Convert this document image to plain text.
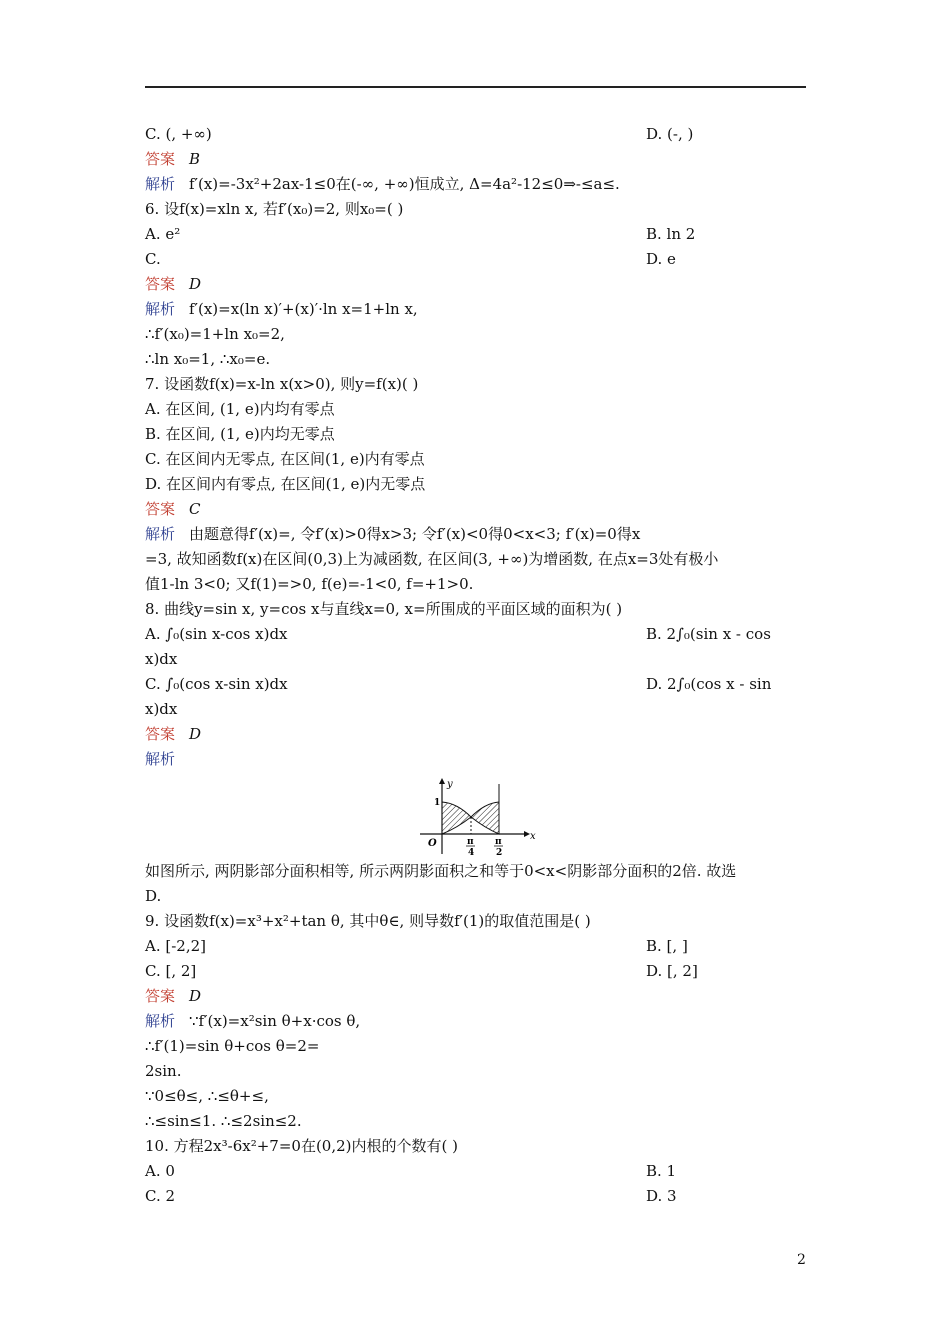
C. (, +∞)
答案 B
解析 f′(x)=-3x²+2ax-1≤0在(-∞, +∞)恒成立, Δ=4a²-12≤0⇒-≤a≤.
6. 设f(x)=xln x, 若f′(x₀)=2, 则x₀=( )
A. e²
C.
答案 D
解析 f′(x)=x(ln x)′+(x)′·ln x=1+ln x,
∴f′(x₀)=1+ln x₀=2,
∴ln x₀=1, ∴x₀=e.
7. 设函数f(x)=x-ln x(x>0), 则y=f(x)( )
A. 在区间, (1, e)内均有零点
B. 在区间, (1, e)内均无零点
C. 在区间内无零点, 在区间(1, e)内有零点
D. 在区间内有零点, 在区间(1, e)内无零点
答案 C
解析 由题意得f′(x)=, 令f′(x)>0得x>3; 令f′(x)<0得0<x<3; f′(x)=0得x
=3, 故知函数f(x)在区间(0,3)上为减函数, 在区间(3, +∞)为增函数, 在点x=3处有极小
值1-ln 3<0; 又f(1)=>0, f(e)=-1<0, f=+1>0.
8. 曲线y=sin x, y=cos x与直线x=0, x=所围成的平面区域的面积为( )
A. ∫₀(sin x-cos x)dx
x)dx
C. ∫₀(cos x-sin x)dx
x)dx
答案 D
解析
如图所示, 两阴影部分面积相等, 所示两阴影面积之和等于0<x<阴影部分面积的2倍. 故选
D.
9. 设函数f(x)=x³+x²+tan θ, 其中θ∈, 则导数f′(1)的取值范围是( )
A. [-2,2]
C. [, 2]
答案 D
解析 ∵f′(x)=x²sin θ+x·cos θ,
∴f′(1)=sin θ+cos θ=2=
2sin.
∵0≤θ≤, ∴≤θ+≤,
∴≤sin≤1. ∴≤2sin≤2.
10. 方程2x³-6x²+7=0在(0,2)内根的个数有( )
A. 0
C. 2
D. (-, )
B. ln 2
D. e
B. 2∫₀(sin x - cos
D. 2∫₀(cos x - sin
B. [, ]
D. [, 2]
B. 1
D. 3
y
x
O
1
π
4
π
2
2
